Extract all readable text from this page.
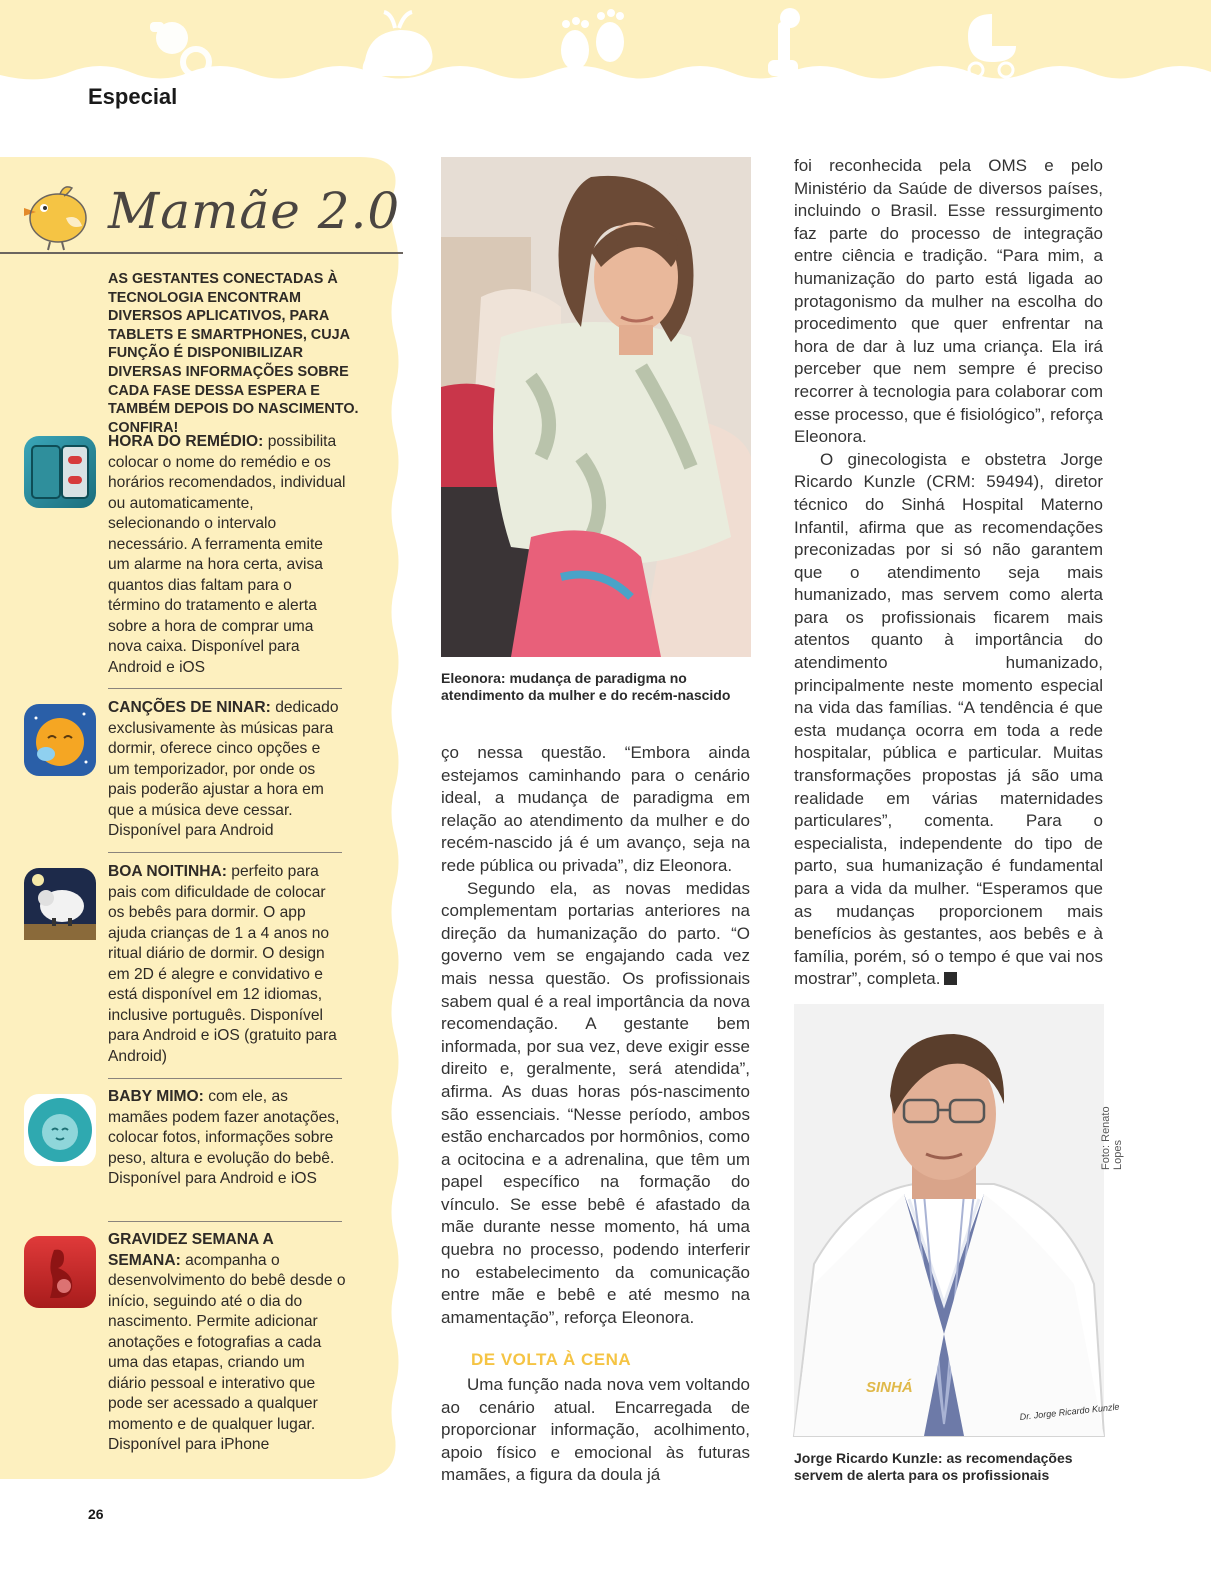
Especial
Mamãe 2.0
AS GESTANTES CONECTADAS À TECNOLOGIA ENCONTRAM DIVERSOS APLICATIVOS, PARA TABLETS E SMARTPHONES, CUJA FUNÇÃO É DISPONIBILIZAR DIVERSAS INFORMAÇÕES SOBRE CADA FASE DESSA ESPERA E TAMBÉM DEPOIS DO NASCIMENTO. CONFIRA!
HORA DO REMÉDIO: possibilita colocar o nome do remédio e os horários recomendados, individual ou automaticamente, selecionando o intervalo necessário. A ferramenta emite um alarme na hora certa, avisa quantos dias faltam para o término do tratamento e alerta sobre a hora de comprar uma nova caixa. Disponível para Android e iOS
CANÇÕES DE NINAR: dedicado exclusivamente às músicas para dormir, oferece cinco opções e um temporizador, por onde os pais poderão ajustar a hora em que a música deve cessar. Disponível para Android
BOA NOITINHA: perfeito para pais com dificuldade de colocar os bebês para dormir. O app ajuda crianças de 1 a 4 anos no ritual diário de dormir. O design em 2D é alegre e convidativo e está disponível em 12 idiomas, inclusive português. Disponível para Android e iOS (gratuito para Android)
BABY MIMO: com ele, as mamães podem fazer anotações, colocar fotos, informações sobre peso, altura e evolução do bebê. Disponível para Android e iOS
GRAVIDEZ SEMANA A SEMANA: acompanha o desenvolvimento do bebê desde o início, seguindo até o dia do nascimento. Permite adicionar anotações e fotografias a cada uma das etapas, criando um diário pessoal e interativo que pode ser acessado a qualquer momento e de qualquer lugar. Disponível para iPhone
Eleonora: mudança de paradigma no atendimento da mulher e do recém-nascido

ço nessa questão. “Embora ainda estejamos caminhando para o cenário ideal, a mudança de paradigma em relação ao atendimento da mulher e do recém-nascido já é um avanço, seja na rede pública ou privada”, diz Eleonora.

Segundo ela, as novas medidas complementam portarias anteriores na direção da humanização do parto. “O governo vem se engajando cada vez mais nessa questão. Os profissionais sabem qual é a real importância da nova recomendação. A gestante bem informada, por sua vez, deve exigir esse direito e, geralmente, será atendida”, afirma. As duas horas pós-nascimento são essenciais. “Nesse período, ambos estão encharcados por hormônios, como a ocitocina e a adrenalina, que têm um papel específico na formação do vínculo. Se esse bebê é afastado da mãe durante nesse momento, há uma quebra no processo, podendo interferir no estabelecimento da comunicação entre mãe e bebê e até mesmo na amamentação”, reforça Eleonora.

DE VOLTA À CENA

Uma função nada nova vem voltando ao cenário atual. Encarregada de proporcionar informação, acolhimento, apoio físico e emocional às futuras mamães, a figura da doula já

foi reconhecida pela OMS e pelo Ministério da Saúde de diversos países, incluindo o Brasil. Esse ressurgimento faz parte do processo de integração entre ciência e tradição. “Para mim, a humanização do parto está ligada ao protagonismo da mulher na escolha do procedimento que quer enfrentar na hora de dar à luz uma criança. Ela irá perceber que nem sempre é preciso recorrer à tecnologia para colaborar com esse processo, que é fisiológico”, reforça Eleonora.

O ginecologista e obstetra Jorge Ricardo Kunzle (CRM: 59494), diretor técnico do Sinhá Hospital Materno Infantil, afirma que as recomendações preconizadas por si só não garantem que o atendimento seja mais humanizado, mas servem como alerta para os profissionais ficarem mais atentos quanto à importância do atendimento humanizado, principalmente neste momento especial na vida das famílias. “A tendência é que esta mudança ocorra em toda a rede hospitalar, pública e particular. Muitas transformações propostas já são uma realidade em várias maternidades particulares”, comenta. Para o especialista, independente do tipo de parto, sua humanização é fundamental para a vida da mulher. “Esperamos que as mudanças proporcionem mais benefícios às gestantes, aos bebês e à família, porém, só o tempo é que vai nos mostrar”, completa.

SINHÁ
Dr. Jorge Ricardo Kunzle
Jorge Ricardo Kunzle: as recomendações servem de alerta para os profissionais
Foto: Renato Lopes
26
